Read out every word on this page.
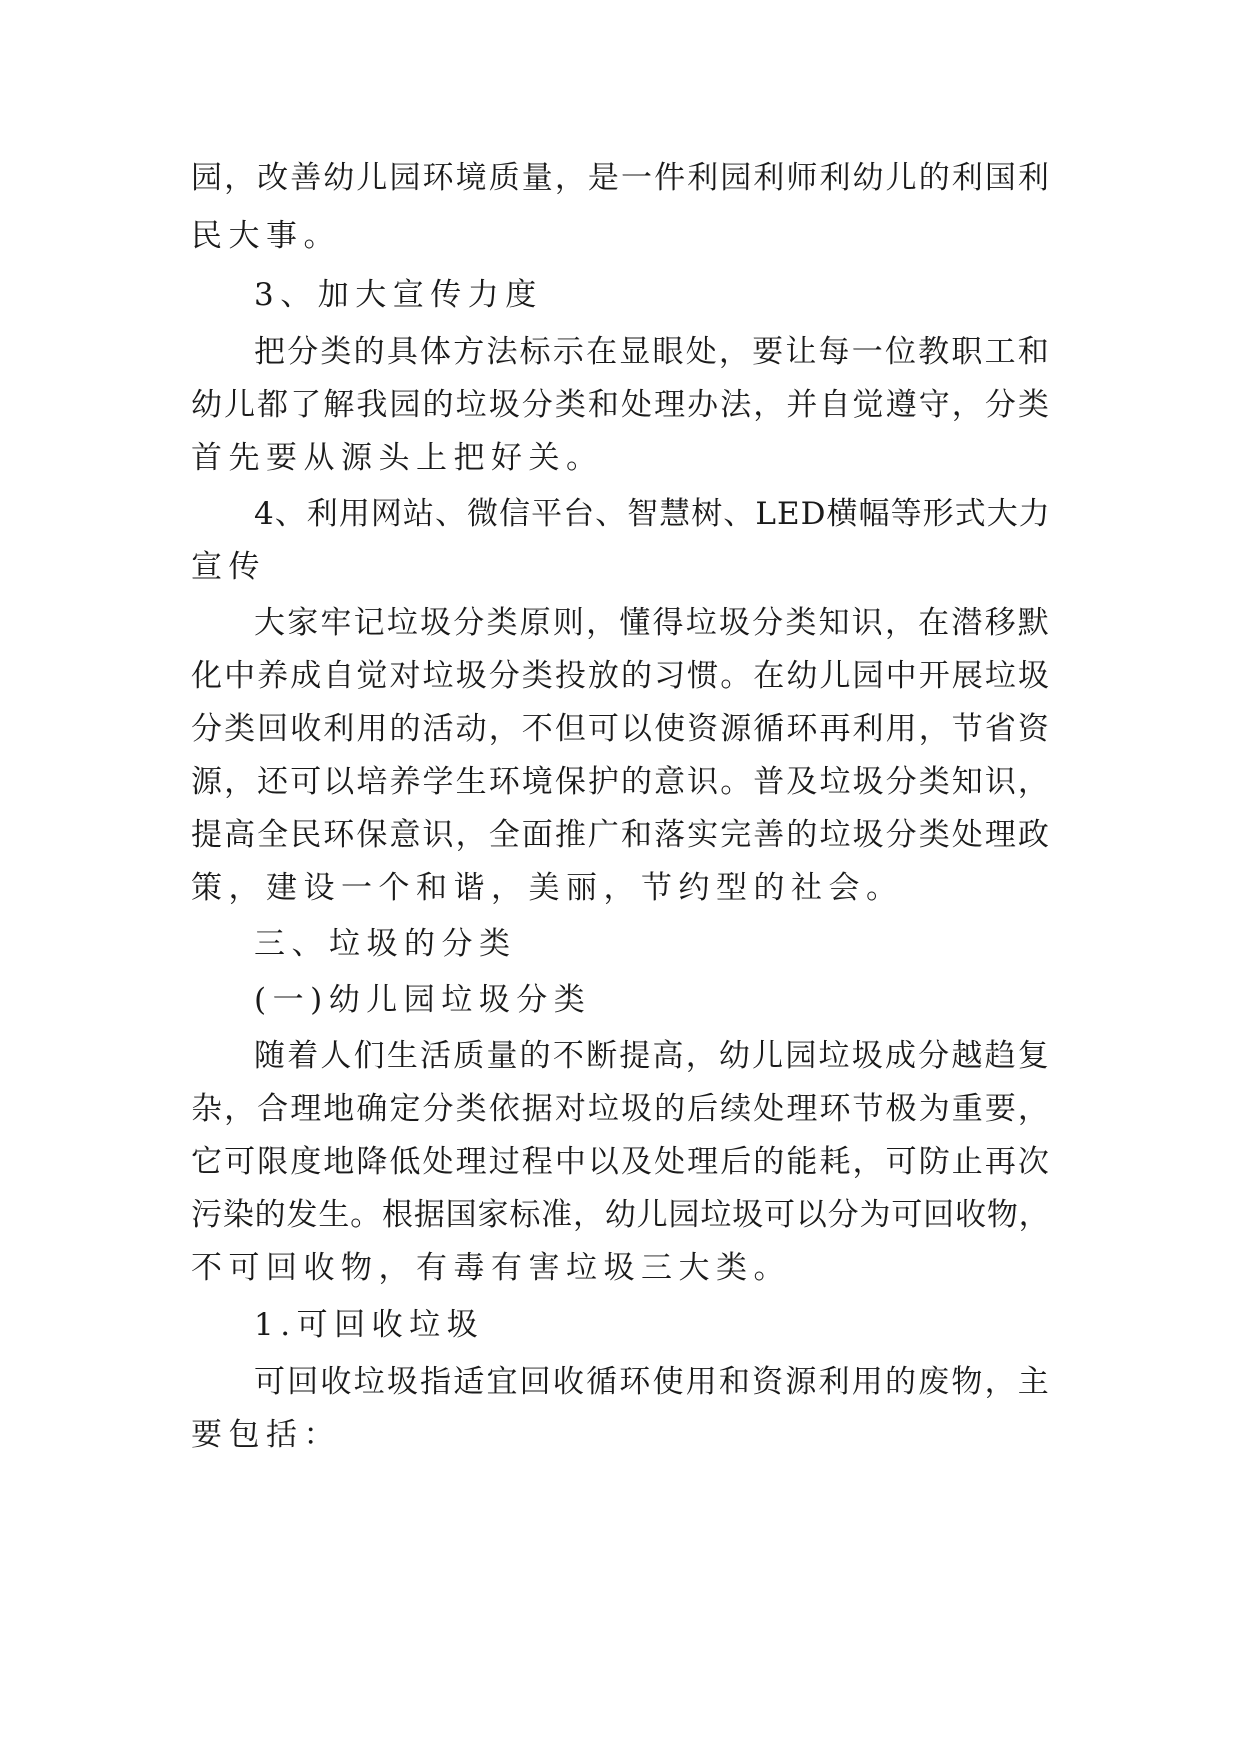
园，改善幼儿园环境质量，是一件利园利师利幼儿的利国利
民大事。
3、加大宣传力度
把分类的具体方法标示在显眼处，要让每一位教职工和
幼儿都了解我园的垃圾分类和处理办法，并自觉遵守，分类
首先要从源头上把好关。
4、利用网站、微信平台、智慧树、LED横幅等形式大力
宣传
大家牢记垃圾分类原则，懂得垃圾分类知识，在潜移默
化中养成自觉对垃圾分类投放的习惯。在幼儿园中开展垃圾
分类回收利用的活动，不但可以使资源循环再利用，节省资
源，还可以培养学生环境保护的意识。普及垃圾分类知识，
提高全民环保意识，全面推广和落实完善的垃圾分类处理政
策，建设一个和谐，美丽，节约型的社会。
三、垃圾的分类
(一)幼儿园垃圾分类
随着人们生活质量的不断提高，幼儿园垃圾成分越趋复
杂，合理地确定分类依据对垃圾的后续处理环节极为重要，
它可限度地降低处理过程中以及处理后的能耗，可防止再次
污染的发生。根据国家标准，幼儿园垃圾可以分为可回收物，
不可回收物，有毒有害垃圾三大类。
1.可回收垃圾
可回收垃圾指适宜回收循环使用和资源利用的废物，主
要包括：
